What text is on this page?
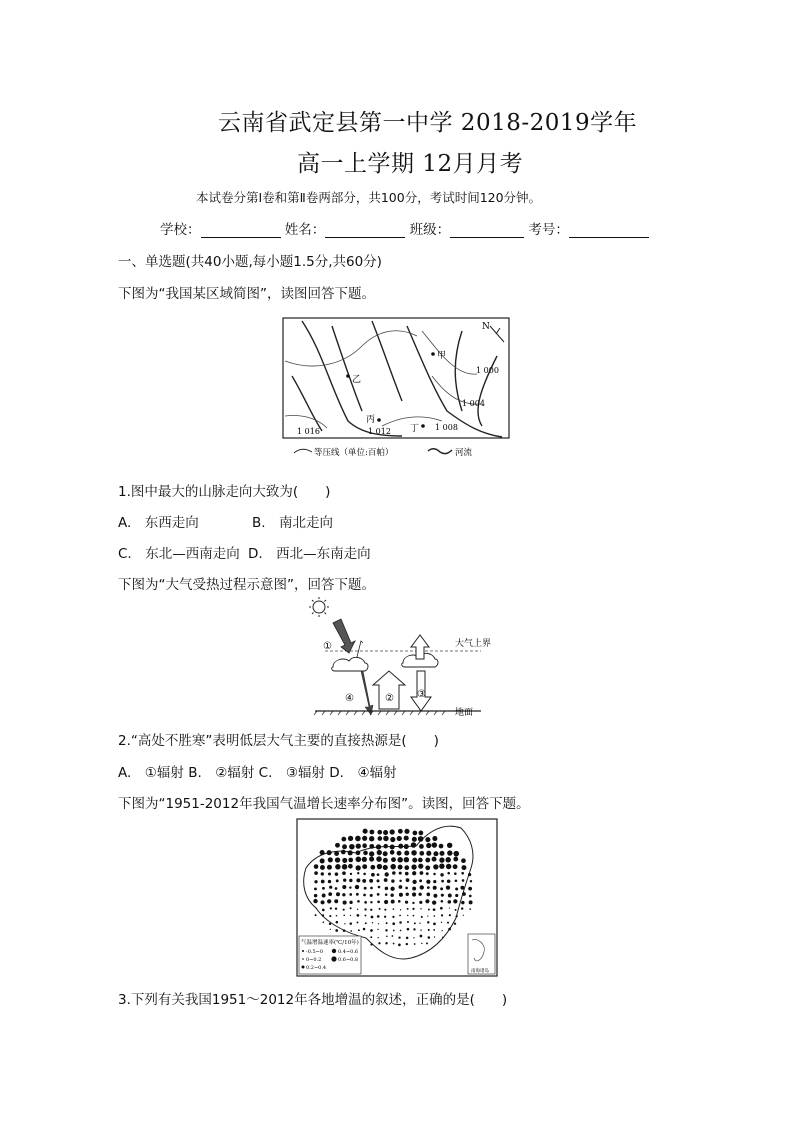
云南省武定县第一中学 2018-2019学年
高一上学期 12月月考
本试卷分第Ⅰ卷和第Ⅱ卷两部分，共100分，考试时间120分钟。
学校：	姓名：	班级：	考号：
一、单选题(共40小题,每小题1.5分,共60分)
下图为“我国某区域简图”，读图回答下题。
甲
乙
丙
丁
N
1 000
1 004
1 008
1 012
1 016
等压线（单位:百帕）	河流
1.图中最大的山脉走向大致为(　　)
A.　东西走向	B.　南北走向
C.　东北—西南走向 D.　西北—东南走向
下图为“大气受热过程示意图”，回答下题。
大气上界
①
④	② ③
地面
2.“高处不胜寒”表明低层大气主要的直接热源是(　　)
A.　①辐射 B.　②辐射 C.　③辐射 D.　④辐射
下图为“1951-2012年我国气温增长速率分布图”。读图，回答下题。
气温增温速率(℃/10年)
-0.5~0	0.4~0.6
0~0.2	0.6~0.8
0.2~0.4
南海诸岛
3.下列有关我国1951～2012年各地增温的叙述，正确的是(　　)
